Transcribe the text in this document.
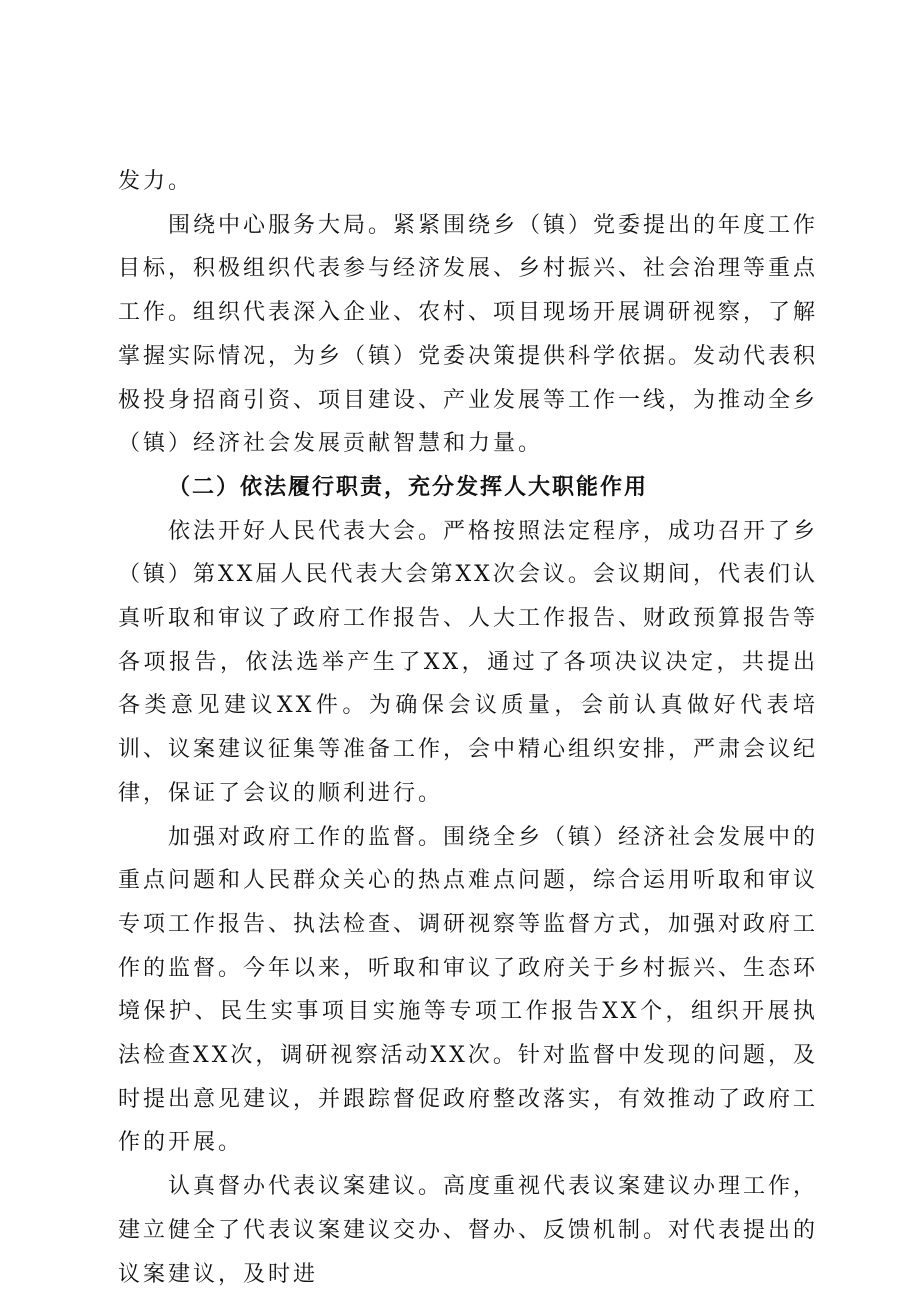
发力。

围绕中心服务大局。紧紧围绕乡（镇）党委提出的年度工作目标，积极组织代表参与经济发展、乡村振兴、社会治理等重点工作。组织代表深入企业、农村、项目现场开展调研视察，了解掌握实际情况，为乡（镇）党委决策提供科学依据。发动代表积极投身招商引资、项目建设、产业发展等工作一线，为推动全乡（镇）经济社会发展贡献智慧和力量。

（二）依法履行职责，充分发挥人大职能作用

依法开好人民代表大会。严格按照法定程序，成功召开了乡（镇）第XX届人民代表大会第XX次会议。会议期间，代表们认真听取和审议了政府工作报告、人大工作报告、财政预算报告等各项报告，依法选举产生了XX，通过了各项决议决定，共提出各类意见建议XX件。为确保会议质量，会前认真做好代表培训、议案建议征集等准备工作，会中精心组织安排，严肃会议纪律，保证了会议的顺利进行。

加强对政府工作的监督。围绕全乡（镇）经济社会发展中的重点问题和人民群众关心的热点难点问题，综合运用听取和审议专项工作报告、执法检查、调研视察等监督方式，加强对政府工作的监督。今年以来，听取和审议了政府关于乡村振兴、生态环境保护、民生实事项目实施等专项工作报告XX个，组织开展执法检查XX次，调研视察活动XX次。针对监督中发现的问题，及时提出意见建议，并跟踪督促政府整改落实，有效推动了政府工作的开展。

认真督办代表议案建议。高度重视代表议案建议办理工作，建立健全了代表议案建议交办、督办、反馈机制。对代表提出的议案建议，及时进
